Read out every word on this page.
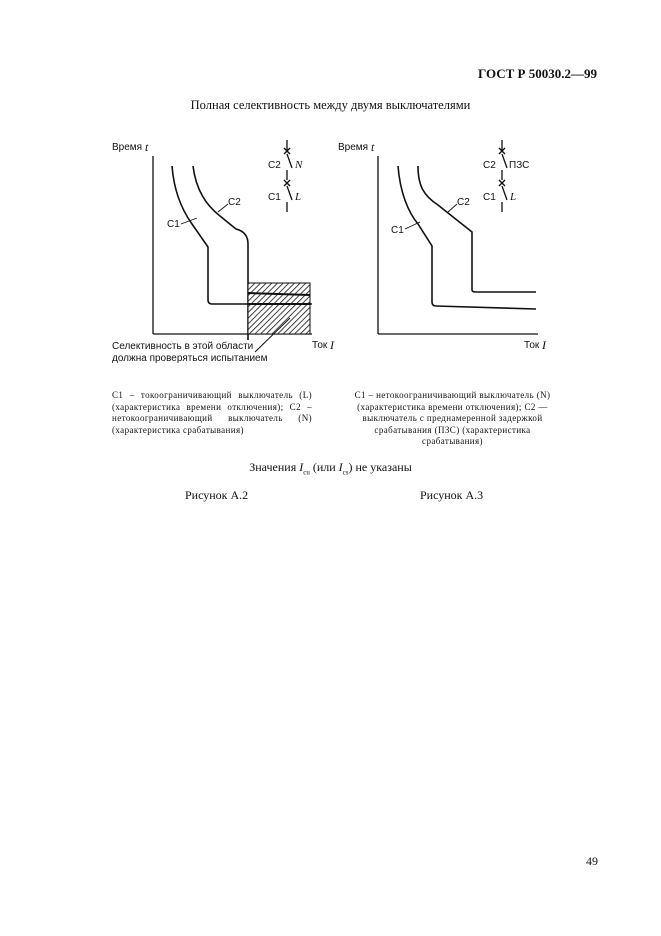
ГОСТ Р 50030.2—99
Полная селективность между двумя выключателями
Время t
Ток I
C1
C2
C2 N
C1 L
Время t
Ток I
C1
C2
C2 ПЗС
C1 L
Селективность в этой области
должна проверяться испытанием
C1 – токоограничивающий выключатель (L) (характеристика времени отключения); C2 – нетокоограничивающий выключатель (N) (характеристика срабатывания)
C1 – нетокоограничивающий выключатель (N) (характеристика времени отключения); C2 — выключатель с преднамеренной задержкой срабатывания (ПЗС) (характеристика срабатывания)
Значения $I_{cu}$ (или $I_{cs}$) не указаны
Рисунок А.2	Рисунок А.3
49
